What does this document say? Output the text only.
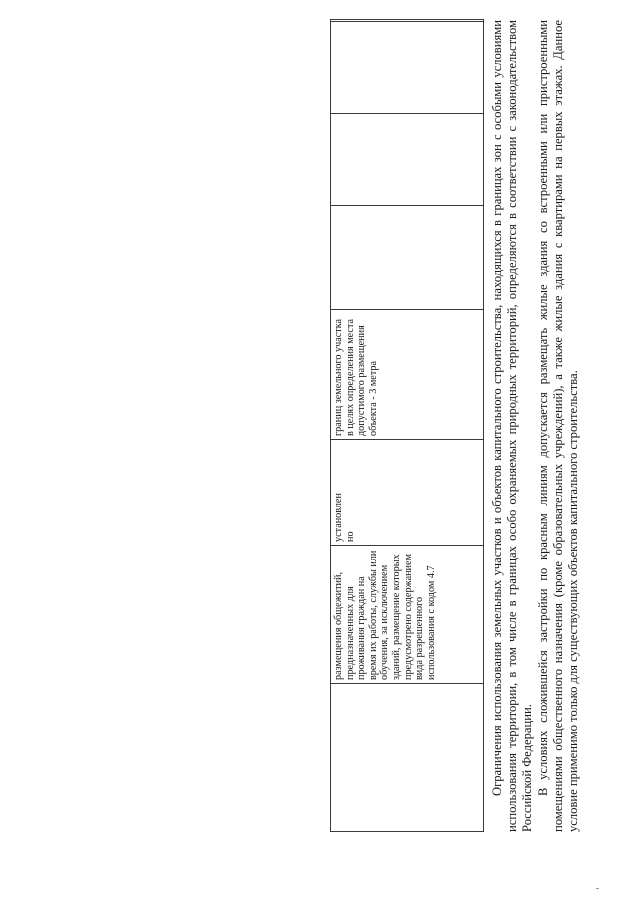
	размещения общежитий, предназначенных для проживания граждан на время их работы, службы или обучения, за исключением зданий, размещение которых предусмотрено содержанием вида разрешенного использования с кодом 4.7	установлен
но	границ земельного участка в целях определения места допустимого размещения объекта - 3 метра					Ограничения использования земельных участков и объектов капитального строительства, находящихся в границах зон с особыми условиями использования территории, в том числе в границах особо охраняемых природных территорий, определяются в соответствии с законодательством Российской Федерации. В условиях сложившейся застройки по красным линиям допускается размещать жилые здания со встроенными или пристроенными помещениями общественного назначения (кроме образовательных учреждений), а также жилые здания с квартирами на первых этажах. Данное условие применимо только для существующих объектов капитального строительства.
